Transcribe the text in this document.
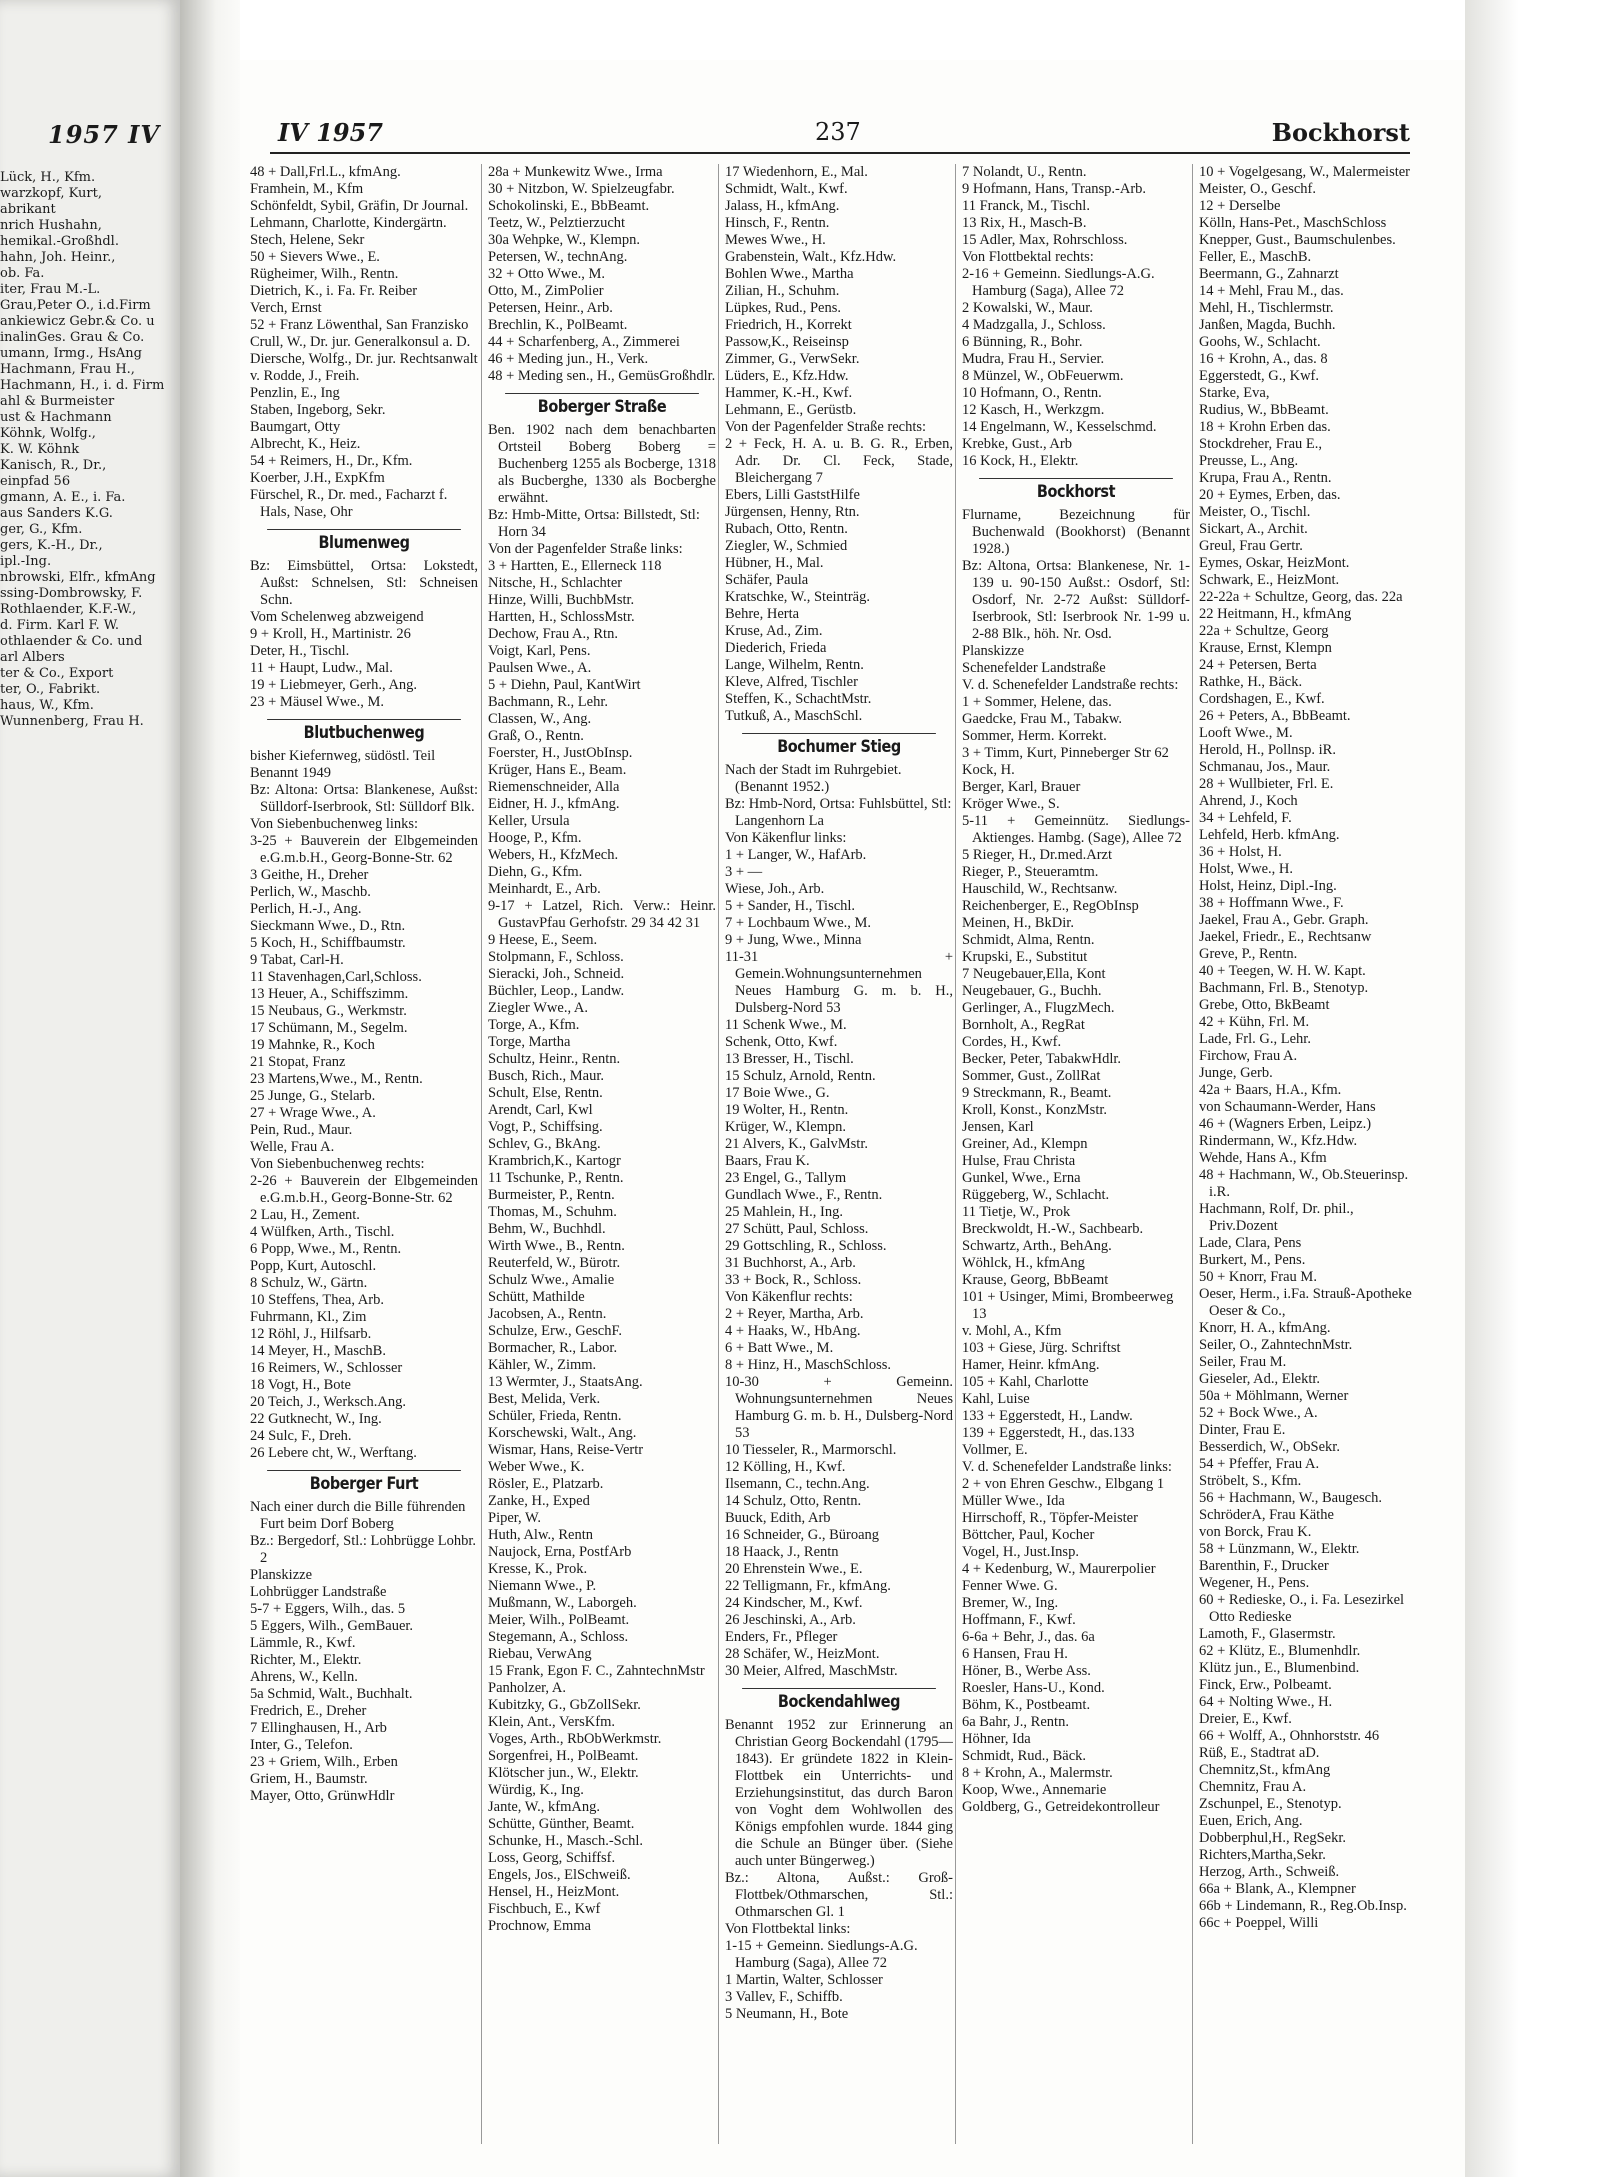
1957 IV
Lück, H., Kfm.
warzkopf, Kurt,
abrikant
nrich Hushahn,
hemikal.-Großhdl.
hahn, Joh. Heinr.,
ob. Fa.
iter, Frau M.-L.
Grau,Peter O., i.d.Firm
ankiewicz Gebr.& Co. u
inalinGes. Grau & Co.
umann, Irmg., HsAng
Hachmann, Frau H.,
Hachmann, H., i. d. Firm
ahl & Burmeister
ust & Hachmann
Köhnk, Wolfg.,
K. W. Köhnk
Kanisch, R., Dr.,
einpfad 56
gmann, A. E., i. Fa.
aus Sanders K.G.
ger, G., Kfm.
gers, K.-H., Dr.,
ipl.-Ing.
nbrowski, Elfr., kfmAng
ssing-Dombrowsky, F.
Rothlaender, K.F.-W.,
d. Firm. Karl F. W.
othlaender & Co. und
arl Albers
ter & Co., Export
ter, O., Fabrikt.
haus, W., Kfm.
Wunnenberg, Frau H.
IV 1957	237	Bockhorst
48 + Dall,Frl.L., kfmAng.
Framhein, M., Kfm
Schönfeldt, Sybil, Gräfin, Dr Journal.
Lehmann, Charlotte, Kindergärtn.
Stech, Helene, Sekr
50 + Sievers Wwe., E.
Rügheimer, Wilh., Rentn.
Dietrich, K., i. Fa. Fr. Reiber
Verch, Ernst
52 + Franz Löwenthal, San Franzisko
Crull, W., Dr. jur. Generalkonsul a. D.
Diersche, Wolfg., Dr. jur. Rechtsanwalt
v. Rodde, J., Freih.
Penzlin, E., Ing
Staben, Ingeborg, Sekr.
Baumgart, Otty
Albrecht, K., Heiz.
54 + Reimers, H., Dr., Kfm.
Koerber, J.H., ExpKfm
Fürschel, R., Dr. med., Facharzt f. Hals, Nase, Ohr
Blumenweg
Bz: Eimsbüttel, Ortsa: Lokstedt, Außst: Schnelsen, Stl: Schneisen Schn.
Vom Schelenweg abzweigend
9 + Kroll, H., Martinistr. 26
Deter, H., Tischl.
11 + Haupt, Ludw., Mal.
19 + Liebmeyer, Gerh., Ang.
23 + Mäusel Wwe., M.
Blutbuchenweg
bisher Kiefernweg, südöstl. Teil
Benannt 1949
Bz: Altona: Ortsa: Blankenese, Außst: Sülldorf-Iserbrook, Stl: Sülldorf Blk.
Von Siebenbuchenweg links:
3-25 + Bauverein der Elbgemeinden e.G.m.b.H., Georg-Bonne-Str. 62
3 Geithe, H., Dreher
Perlich, W., Maschb.
Perlich, H.-J., Ang.
Sieckmann Wwe., D., Rtn.
5 Koch, H., Schiffbaumstr.
9 Tabat, Carl-H.
11 Stavenhagen,Carl,Schloss.
13 Heuer, A., Schiffszimm.
15 Neubaus, G., Werkmstr.
17 Schümann, M., Segelm.
19 Mahnke, R., Koch
21 Stopat, Franz
23 Martens,Wwe., M., Rentn.
25 Junge, G., Stelarb.
27 + Wrage Wwe., A.
Pein, Rud., Maur.
Welle, Frau A.
Von Siebenbuchenweg rechts:
2-26 + Bauverein der Elbgemeinden e.G.m.b.H., Georg-Bonne-Str. 62
2 Lau, H., Zement.
4 Wülfken, Arth., Tischl.
6 Popp, Wwe., M., Rentn.
Popp, Kurt, Autoschl.
8 Schulz, W., Gärtn.
10 Steffens, Thea, Arb.
Fuhrmann, Kl., Zim
12 Röhl, J., Hilfsarb.
14 Meyer, H., MaschB.
16 Reimers, W., Schlosser
18 Vogt, H., Bote
20 Teich, J., Werksch.Ang.
22 Gutknecht, W., Ing.
24 Sulc, F., Dreh.
26 Lebere cht, W., Werftang.
Boberger Furt
Nach einer durch die Bille führenden Furt beim Dorf Boberg
Bz.: Bergedorf, Stl.: Lohbrügge Lohbr. 2
Planskizze
Lohbrügger Landstraße
5-7 + Eggers, Wilh., das. 5
5 Eggers, Wilh., GemBauer.
Lämmle, R., Kwf.
Richter, M., Elektr.
Ahrens, W., Kelln.
5a Schmid, Walt., Buchhalt.
Fredrich, E., Dreher
7 Ellinghausen, H., Arb
Inter, G., Telefon.
23 + Griem, Wilh., Erben
Griem, H., Baumstr.
Mayer, Otto, GrünwHdlr
28a + Munkewitz Wwe., Irma
30 + Nitzbon, W. Spielzeugfabr.
Schokolinski, E., BbBeamt.
Teetz, W., Pelztierzucht
30a Wehpke, W., Klempn.
Petersen, W., technAng.
32 + Otto Wwe., M.
Otto, M., ZimPolier
Petersen, Heinr., Arb.
Brechlin, K., PolBeamt.
44 + Scharfenberg, A., Zimmerei
46 + Meding jun., H., Verk.
48 + Meding sen., H., GemüsGroßhdlr.
Boberger Straße
Ben. 1902 nach dem benachbarten Ortsteil Boberg Boberg = Buchenberg 1255 als Bocberge, 1318 als Bucberghe, 1330 als Bocberghe erwähnt.
Bz: Hmb-Mitte, Ortsa: Billstedt, Stl: Horn 34
Von der Pagenfelder Straße links:
3 + Hartten, E., Ellerneck 118
Nitsche, H., Schlachter
Hinze, Willi, BuchbMstr.
Hartten, H., SchlossMstr.
Dechow, Frau A., Rtn.
Voigt, Karl, Pens.
Paulsen Wwe., A.
5 + Diehn, Paul, KantWirt
Bachmann, R., Lehr.
Classen, W., Ang.
Graß, O., Rentn.
Foerster, H., JustObInsp.
Krüger, Hans E., Beam.
Riemenschneider, Alla
Eidner, H. J., kfmAng.
Keller, Ursula
Hooge, P., Kfm.
Webers, H., KfzMech.
Diehn, G., Kfm.
Meinhardt, E., Arb.
9-17 + Latzel, Rich. Verw.: Heinr. GustavPfau Gerhofstr. 29 34 42 31
9 Heese, E., Seem.
Stolpmann, F., Schloss.
Sieracki, Joh., Schneid.
Büchler, Leop., Landw.
Ziegler Wwe., A.
Torge, A., Kfm.
Torge, Martha
Schultz, Heinr., Rentn.
Busch, Rich., Maur.
Schult, Else, Rentn.
Arendt, Carl, Kwl
Vogt, P., Schiffsing.
Schlev, G., BkAng.
Krambrich,K., Kartogr
11 Tschunke, P., Rentn.
Burmeister, P., Rentn.
Thomas, M., Schuhm.
Behm, W., Buchhdl.
Wirth Wwe., B., Rentn.
Reuterfeld, W., Bürotr.
Schulz Wwe., Amalie
Schütt, Mathilde
Jacobsen, A., Rentn.
Schulze, Erw., GeschF.
Bormacher, R., Labor.
Kähler, W., Zimm.
13 Wermter, J., StaatsAng.
Best, Melida, Verk.
Schüler, Frieda, Rentn.
Korschewski, Walt., Ang.
Wismar, Hans, Reise-Vertr
Weber Wwe., K.
Rösler, E., Platzarb.
Zanke, H., Exped
Piper, W.
Huth, Alw., Rentn
Naujock, Erna, PostfArb
Kresse, K., Prok.
Niemann Wwe., P.
Mußmann, W., Laborgeh.
Meier, Wilh., PolBeamt.
Stegemann, A., Schloss.
Riebau, VerwAng
15 Frank, Egon F. C., ZahntechnMstr
Panholzer, A.
Kubitzky, G., GbZollSekr.
Klein, Ant., VersKfm.
Voges, Arth., RbObWerkmstr.
Sorgenfrei, H., PolBeamt.
Klötscher jun., W., Elektr.
Würdig, K., Ing.
Jante, W., kfmAng.
Schütte, Günther, Beamt.
Schunke, H., Masch.-Schl.
Loss, Georg, Schiffsf.
Engels, Jos., ElSchweiß.
Hensel, H., HeizMont.
Fischbuch, E., Kwf
Prochnow, Emma
17 Wiedenhorn, E., Mal.
Schmidt, Walt., Kwf.
Jalass, H., kfmAng.
Hinsch, F., Rentn.
Mewes Wwe., H.
Grabenstein, Walt., Kfz.Hdw.
Bohlen Wwe., Martha
Zilian, H., Schuhm.
Lüpkes, Rud., Pens.
Friedrich, H., Korrekt
Passow,K., Reiseinsp
Zimmer, G., VerwSekr.
Lüders, E., Kfz.Hdw.
Hammer, K.-H., Kwf.
Lehmann, E., Gerüstb.
Von der Pagenfelder Straße rechts:
2 + Feck, H. A. u. B. G. R., Erben, Adr. Dr. Cl. Feck, Stade, Bleichergang 7
Ebers, Lilli GaststHilfe
Jürgensen, Henny, Rtn.
Rubach, Otto, Rentn.
Ziegler, W., Schmied
Hübner, H., Mal.
Schäfer, Paula
Kratschke, W., Steinträg.
Behre, Herta
Kruse, Ad., Zim.
Diederich, Frieda
Lange, Wilhelm, Rentn.
Kleve, Alfred, Tischler
Steffen, K., SchachtMstr.
Tutkuß, A., MaschSchl.
Bochumer Stieg
Nach der Stadt im Ruhrgebiet. (Benannt 1952.)
Bz: Hmb-Nord, Ortsa: Fuhlsbüttel, Stl: Langenhorn La
Von Käkenflur links:
1 + Langer, W., HafArb.
3 + —
Wiese, Joh., Arb.
5 + Sander, H., Tischl.
7 + Lochbaum Wwe., M.
9 + Jung, Wwe., Minna
11-31 + Gemein.Wohnungsunternehmen Neues Hamburg G. m. b. H., Dulsberg-Nord 53
11 Schenk Wwe., M.
Schenk, Otto, Kwf.
13 Bresser, H., Tischl.
15 Schulz, Arnold, Rentn.
17 Boie Wwe., G.
19 Wolter, H., Rentn.
Krüger, W., Klempn.
21 Alvers, K., GalvMstr.
Baars, Frau K.
23 Engel, G., Tallym
Gundlach Wwe., F., Rentn.
25 Mahlein, H., Ing.
27 Schütt, Paul, Schloss.
29 Gottschling, R., Schloss.
31 Buchhorst, A., Arb.
33 + Bock, R., Schloss.
Von Käkenflur rechts:
2 + Reyer, Martha, Arb.
4 + Haaks, W., HbAng.
6 + Batt Wwe., M.
8 + Hinz, H., MaschSchloss.
10-30 + Gemeinn. Wohnungsunternehmen Neues Hamburg G. m. b. H., Dulsberg-Nord 53
10 Tiesseler, R., Marmorschl.
12 Kölling, H., Kwf.
Ilsemann, C., techn.Ang.
14 Schulz, Otto, Rentn.
Buuck, Edith, Arb
16 Schneider, G., Büroang
18 Haack, J., Rentn
20 Ehrenstein Wwe., E.
22 Telligmann, Fr., kfmAng.
24 Kindscher, M., Kwf.
26 Jeschinski, A., Arb.
Enders, Fr., Pfleger
28 Schäfer, W., HeizMont.
30 Meier, Alfred, MaschMstr.
Bockendahlweg
Benannt 1952 zur Erinnerung an Christian Georg Bockendahl (1795—1843). Er gründete 1822 in Klein-Flottbek ein Unterrichts- und Erziehungsinstitut, das durch Baron von Voght dem Wohlwollen des Königs empfohlen wurde. 1844 ging die Schule an Bünger über. (Siehe auch unter Büngerweg.)
Bz.: Altona, Außst.: Groß-Flottbek/Othmarschen, Stl.: Othmarschen Gl. 1
Von Flottbektal links:
1-15 + Gemeinn. Siedlungs-A.G. Hamburg (Saga), Allee 72
1 Martin, Walter, Schlosser
3 Vallev, F., Schiffb.
5 Neumann, H., Bote
7 Nolandt, U., Rentn.
9 Hofmann, Hans, Transp.-Arb.
11 Franck, M., Tischl.
13 Rix, H., Masch-B.
15 Adler, Max, Rohrschloss.
Von Flottbektal rechts:
2-16 + Gemeinn. Siedlungs-A.G. Hamburg (Saga), Allee 72
2 Kowalski, W., Maur.
4 Madzgalla, J., Schloss.
6 Bünning, R., Bohr.
Mudra, Frau H., Servier.
8 Münzel, W., ObFeuerwm.
10 Hofmann, O., Rentn.
12 Kasch, H., Werkzgm.
14 Engelmann, W., Kesselschmd.
Krebke, Gust., Arb
16 Kock, H., Elektr.
Bockhorst
Flurname, Bezeichnung für Buchenwald (Bookhorst) (Benannt 1928.)
Bz: Altona, Ortsa: Blankenese, Nr. 1-139 u. 90-150 Außst.: Osdorf, Stl: Osdorf, Nr. 2-72 Außst: Sülldorf-Iserbrook, Stl: Iserbrook Nr. 1-99 u. 2-88 Blk., höh. Nr. Osd.
Planskizze
Schenefelder Landstraße
V. d. Schenefelder Landstraße rechts:
1 + Sommer, Helene, das.
Gaedcke, Frau M., Tabakw.
Sommer, Herm. Korrekt.
3 + Timm, Kurt, Pinneberger Str 62
Kock, H.
Berger, Karl, Brauer
Kröger Wwe., S.
5-11 + Gemeinnütz. Siedlungs-Aktienges. Hambg. (Sage), Allee 72
5 Rieger, H., Dr.med.Arzt
Rieger, P., Steueramtm.
Hauschild, W., Rechtsanw.
Reichenberger, E., RegObInsp
Meinen, H., BkDir.
Schmidt, Alma, Rentn.
Krupski, E., Substitut
7 Neugebauer,Ella, Kont
Neugebauer, G., Buchh.
Gerlinger, A., FlugzMech.
Bornholt, A., RegRat
Cordes, H., Kwf.
Becker, Peter, TabakwHdlr.
Sommer, Gust., ZollRat
9 Streckmann, R., Beamt.
Kroll, Konst., KonzMstr.
Jensen, Karl
Greiner, Ad., Klempn
Hulse, Frau Christa
Gunkel, Wwe., Erna
Rüggeberg, W., Schlacht.
11 Tietje, W., Prok
Breckwoldt, H.-W., Sachbearb.
Schwartz, Arth., BehAng.
Wöhlck, H., kfmAng
Krause, Georg, BbBeamt
101 + Usinger, Mimi, Brombeerweg 13
v. Mohl, A., Kfm
103 + Giese, Jürg. Schriftst
Hamer, Heinr. kfmAng.
105 + Kahl, Charlotte
Kahl, Luise
133 + Eggerstedt, H., Landw.
139 + Eggerstedt, H., das.133
Vollmer, E.
V. d. Schenefelder Landstraße links:
2 + von Ehren Geschw., Elbgang 1
Müller Wwe., Ida
Hirrschoff, R., Töpfer-Meister
Böttcher, Paul, Kocher
Vogel, H., Just.Insp.
4 + Kedenburg, W., Maurerpolier
Fenner Wwe. G.
Bremer, W., Ing.
Hoffmann, F., Kwf.
6-6a + Behr, J., das. 6a
6 Hansen, Frau H.
Höner, B., Werbe Ass.
Roesler, Hans-U., Kond.
Böhm, K., Postbeamt.
6a Bahr, J., Rentn.
Höhner, Ida
Schmidt, Rud., Bäck.
8 + Krohn, A., Malermstr.
Koop, Wwe., Annemarie
Goldberg, G., Getreidekontrolleur
10 + Vogelgesang, W., Malermeister
Meister, O., Geschf.
12 + Derselbe
Kölln, Hans-Pet., MaschSchloss
Knepper, Gust., Baumschulenbes.
Feller, E., MaschB.
Beermann, G., Zahnarzt
14 + Mehl, Frau M., das.
Mehl, H., Tischlermstr.
Janßen, Magda, Buchh.
Goohs, W., Schlacht.
16 + Krohn, A., das. 8
Eggerstedt, G., Kwf.
Starke, Eva,
Rudius, W., BbBeamt.
18 + Krohn Erben das.
Stockdreher, Frau E.,
Preusse, L., Ang.
Krupa, Frau A., Rentn.
20 + Eymes, Erben, das.
Meister, O., Tischl.
Sickart, A., Archit.
Greul, Frau Gertr.
Eymes, Oskar, HeizMont.
Schwark, E., HeizMont.
22-22a + Schultze, Georg, das. 22a
22 Heitmann, H., kfmAng
22a + Schultze, Georg
Krause, Ernst, Klempn
24 + Petersen, Berta
Rathke, H., Bäck.
Cordshagen, E., Kwf.
26 + Peters, A., BbBeamt.
Looft Wwe., M.
Herold, H., Pollnsp. iR.
Schmanau, Jos., Maur.
28 + Wullbieter, Frl. E.
Ahrend, J., Koch
34 + Lehfeld, F.
Lehfeld, Herb. kfmAng.
36 + Holst, H.
Holst, Wwe., H.
Holst, Heinz, Dipl.-Ing.
38 + Hoffmann Wwe., F.
Jaekel, Frau A., Gebr. Graph.
Jaekel, Friedr., E., Rechtsanw
Greve, P., Rentn.
40 + Teegen, W. H. W. Kapt.
Bachmann, Frl. B., Stenotyp.
Grebe, Otto, BkBeamt
42 + Kühn, Frl. M.
Lade, Frl. G., Lehr.
Firchow, Frau A.
Junge, Gerb.
42a + Baars, H.A., Kfm.
von Schaumann-Werder, Hans
46 + (Wagners Erben, Leipz.)
Rindermann, W., Kfz.Hdw.
Wehde, Hans A., Kfm
48 + Hachmann, W., Ob.Steuerinsp. i.R.
Hachmann, Rolf, Dr. phil., Priv.Dozent
Lade, Clara, Pens
Burkert, M., Pens.
50 + Knorr, Frau M.
Oeser, Herm., i.Fa. Strauß-Apotheke Oeser & Co.,
Knorr, H. A., kfmAng.
Seiler, O., ZahntechnMstr.
Seiler, Frau M.
Gieseler, Ad., Elektr.
50a + Möhlmann, Werner
52 + Bock Wwe., A.
Dinter, Frau E.
Besserdich, W., ObSekr.
54 + Pfeffer, Frau A.
Ströbelt, S., Kfm.
56 + Hachmann, W., Baugesch.
SchröderA, Frau Käthe
von Borck, Frau K.
58 + Lünzmann, W., Elektr.
Barenthin, F., Drucker
Wegener, H., Pens.
60 + Redieske, O., i. Fa. Lesezirkel Otto Redieske
Lamoth, F., Glasermstr.
62 + Klütz, E., Blumenhdlr.
Klütz jun., E., Blumenbind.
Finck, Erw., Polbeamt.
64 + Nolting Wwe., H.
Dreier, E., Kwf.
66 + Wolff, A., Ohnhorststr. 46
Rüß, E., Stadtrat aD.
Chemnitz,St., kfmAng
Chemnitz, Frau A.
Zschunpel, E., Stenotyp.
Euen, Erich, Ang.
Dobberphul,H., RegSekr.
Richters,Martha,Sekr.
Herzog, Arth., Schweiß.
66a + Blank, A., Klempner
66b + Lindemann, R., Reg.Ob.Insp.
66c + Poeppel, Willi
